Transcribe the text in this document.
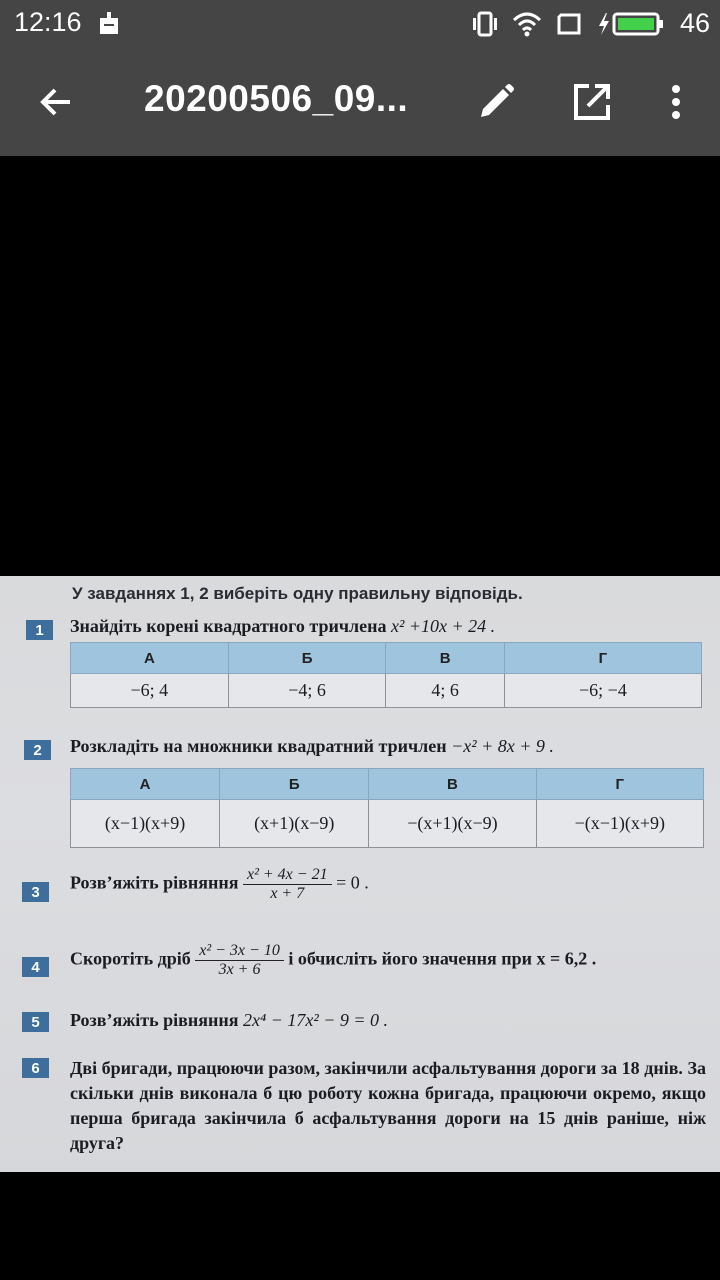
12:16	46
20200506_09...
У завданнях 1, 2 виберіть одну правильну відповідь.
1	Знайдіть корені квадратного тричлена x² +10x + 24 .
А	Б	В	Г
−6; 4	−4; 6	4; 6	−6; −4
2	Розкладіть на множники квадратний тричлен −x² + 8x + 9 .
А	Б	В	Г
(x−1)(x+9)	(x+1)(x−9)	−(x+1)(x−9)	−(x−1)(x+9)
3	Розв’яжіть рівняння $\frac{\text{x² + 4x − 21}}{x + 7} = 0$ .
4	Скоротіть дріб $\frac{\text{x² − 3x − 10}}{3x + 6}$ і обчисліть його значення при x = 6,2 .
5	Розв’яжіть рівняння 2x⁴ − 17x² − 9 = 0 .
6	Дві бригади, працюючи разом, закінчили асфальтування дороги за 18 днів. За скільки днів виконала б цю роботу кожна бригада, працюючи окремо, якщо перша бригада закінчила б асфальтування дороги на 15 днів раніше, ніж друга?
